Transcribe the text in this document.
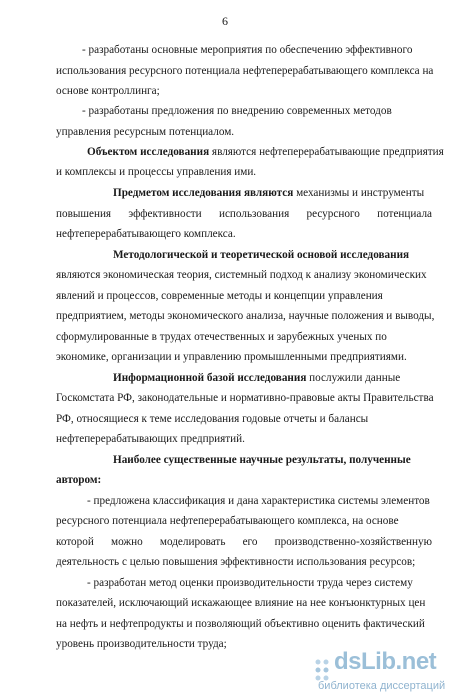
6
- разработаны основные мероприятия по обеспечению эффективного
использования ресурсного потенциала нефтеперерабатывающего комплекса на
основе контроллинга;
- разработаны предложения по внедрению современных методов
управления ресурсным потенциалом.
Объектом исследования являются нефтеперерабатывающие предприятия
и комплексы и процессы управления ими.
Предметом исследования являются механизмы и инструменты
повышения эффективности использования ресурсного потенциала
нефтеперерабатывающего комплекса.
Методологической и теоретической основой исследования
являются экономическая теория, системный подход к анализу экономических
явлений и процессов, современные методы и концепции управления
предприятием, методы экономического анализа, научные положения и выводы,
сформулированные в трудах отечественных и зарубежных ученых по
экономике, организации и управлению промышленными предприятиями.
Информационной базой исследования послужили данные
Госкомстата РФ, законодательные и нормативно-правовые акты Правительства
РФ, относящиеся к теме исследования годовые отчеты и балансы
нефтеперерабатывающих предприятий.
Наиболее существенные научные результаты, полученные
автором:
- предложена классификация и дана характеристика системы элементов
ресурсного потенциала нефтеперерабатывающего комплекса, на основе
которой можно моделировать его производственно-хозяйственную
деятельность с целью повышения эффективности использования ресурсов;
- разработан метод оценки производительности труда через систему
показателей, исключающий искажающее влияние на нее конъюнктурных цен
на нефть и нефтепродукты и позволяющий объективно оценить фактический
уровень производительности труда;
dsLib.net
библиотека диссертаций
